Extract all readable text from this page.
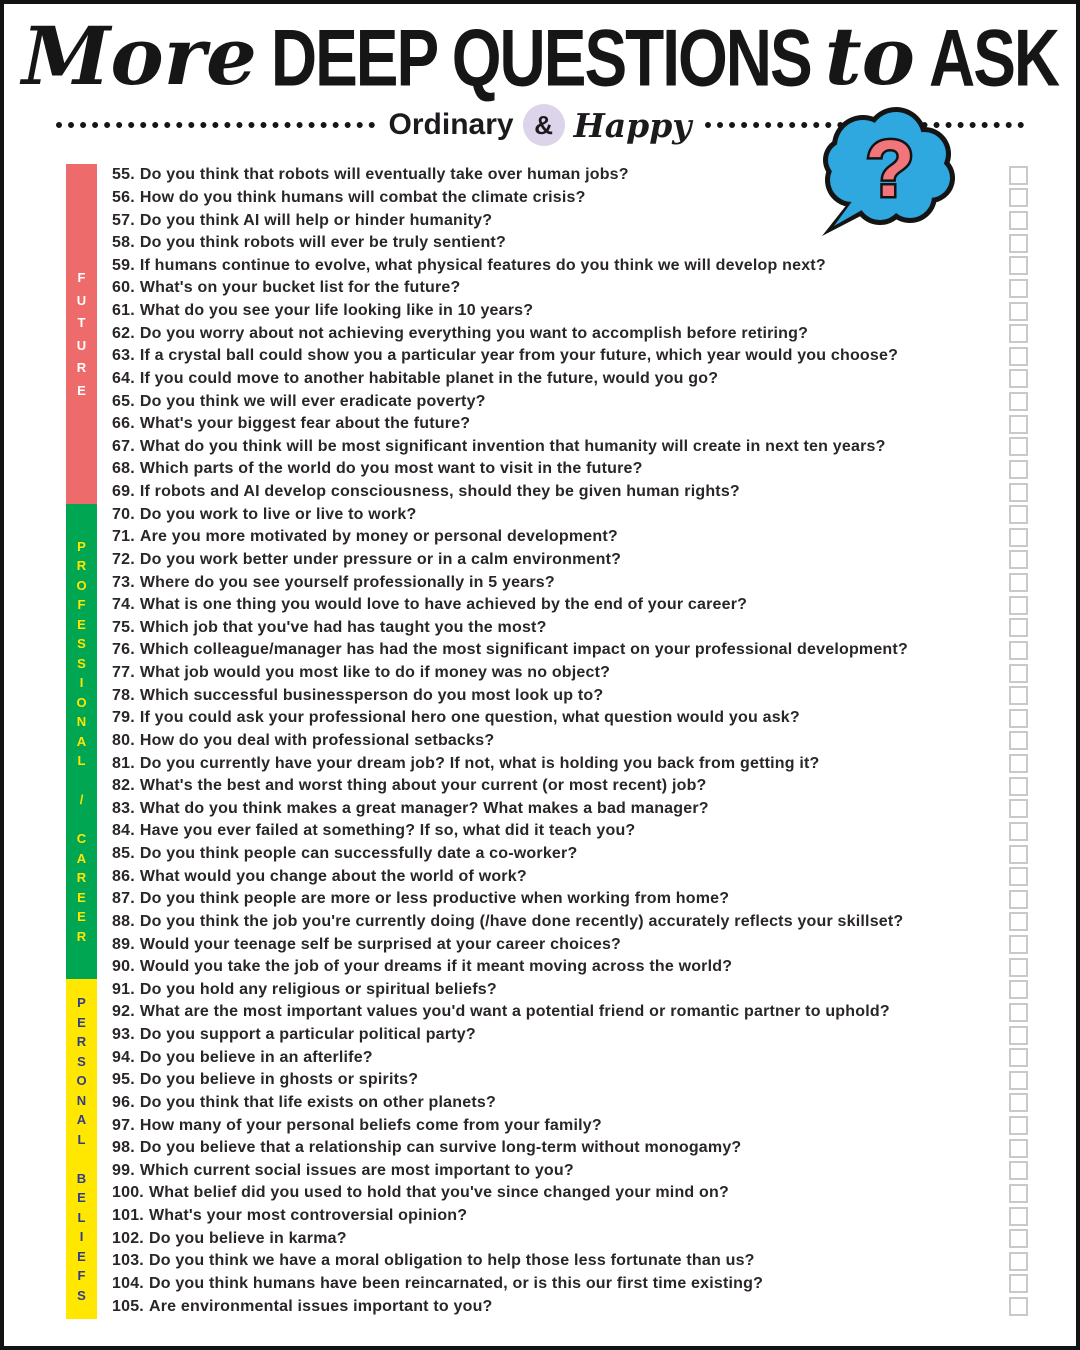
More DEEP QUESTIONS to ASK
Ordinary & Happy ?
55. Do you think that robots will eventually take over human jobs?
56. How do you think humans will combat the climate crisis?
57. Do you think AI will help or hinder humanity?
58. Do you think robots will ever be truly sentient?
59. If humans continue to evolve, what physical features do you think we will develop next?
60. What's on your bucket list for the future?
61. What do you see your life looking like in 10 years?
62. Do you worry about not achieving everything you want to accomplish before retiring?
63. If a crystal ball could show you a particular year from your future, which year would you choose?
64. If you could move to another habitable planet in the future, would you go?
65. Do you think we will ever eradicate poverty?
66. What's your biggest fear about the future?
67. What do you think will be most significant invention that humanity will create in next ten years?
68. Which parts of the world do you most want to visit in the future?
69. If robots and AI develop consciousness, should they be given human rights?
70. Do you work to live or live to work?
71. Are you more motivated by money or personal development?
72. Do you work better under pressure or in a calm environment?
73. Where do you see yourself professionally in 5 years?
74. What is one thing you would love to have achieved by the end of your career?
75. Which job that you've had has taught you the most?
76. Which colleague/manager has had the most significant impact on your professional development?
77. What job would you most like to do if money was no object?
78. Which successful businessperson do you most look up to?
79. If you could ask your professional hero one question, what question would you ask?
80. How do you deal with professional setbacks?
81. Do you currently have your dream job? If not, what is holding you back from getting it?
82. What's the best and worst thing about your current (or most recent) job?
83. What do you think makes a great manager? What makes a bad manager?
84. Have you ever failed at something? If so, what did it teach you?
85. Do you think people can successfully date a co-worker?
86. What would you change about the world of work?
87. Do you think people are more or less productive when working from home?
88. Do you think the job you're currently doing (/have done recently) accurately reflects your skillset?
89. Would your teenage self be surprised at your career choices?
90. Would you take the job of your dreams if it meant moving across the world?
91. Do you hold any religious or spiritual beliefs?
92. What are the most important values you'd want a potential friend or romantic partner to uphold?
93. Do you support a particular political party?
94. Do you believe in an afterlife?
95. Do you believe in ghosts or spirits?
96. Do you think that life exists on other planets?
97. How many of your personal beliefs come from your family?
98. Do you believe that a relationship can survive long-term without monogamy?
99. Which current social issues are most important to you?
100. What belief did you used to hold that you've since changed your mind on?
101. What's your most controversial opinion?
102. Do you believe in karma?
103. Do you think we have a moral obligation to help those less fortunate than us?
104. Do you think humans have been reincarnated, or is this our first time existing?
105. Are environmental issues important to you?
F
U
T
U
R
E
P
R
O
F
E
S
S
I
O
N
A
L

/

C
A
R
E
E
R
P
E
R
S
O
N
A
L

B
E
L
I
E
F
S
